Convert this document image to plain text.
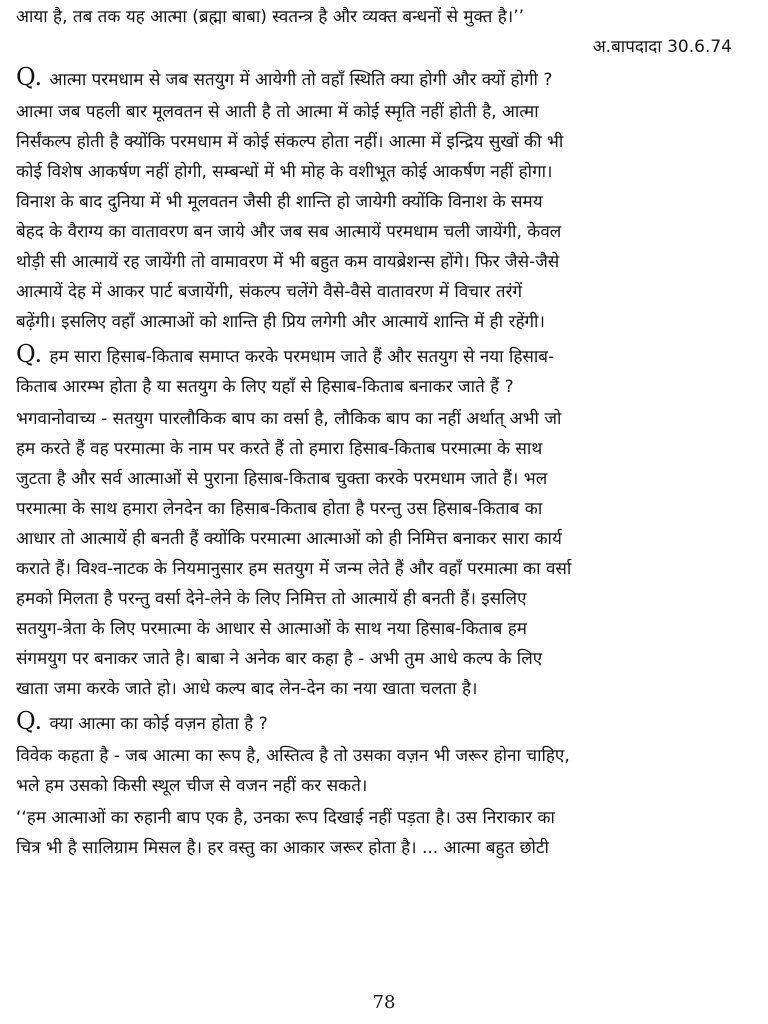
आया है, तब तक यह आत्मा (ब्रह्मा बाबा) स्वतन्त्र है और व्यक्त बन्धनों से मुक्त है।’’

अ.बापदादा 30.6.74

Q. आत्मा परमधाम से जब सतयुग में आयेगी तो वहाँ स्थिति क्या होगी और क्यों होगी ?

आत्मा जब पहली बार मूलवतन से आती है तो आत्मा में कोई स्मृति नहीं होती है, आत्मा
निर्संकल्प होती है क्योंकि परमधाम में कोई संकल्प होता नहीं। आत्मा में इन्द्रिय सुखों की भी
कोई विशेष आकर्षण नहीं होगी, सम्बन्धों में भी मोह के वशीभूत कोई आकर्षण नहीं होगा।
विनाश के बाद दुनिया में भी मूलवतन जैसी ही शान्ति हो जायेगी क्योंकि विनाश के समय
बेहद के वैराग्य का वातावरण बन जाये और जब सब आत्मायें परमधाम चली जायेंगी, केवल
थोड़ी सी आत्मायें रह जायेंगी तो वामावरण में भी बहुत कम वायब्रेशन्स होंगे। फिर जैसे-जैसे
आत्मायें देह में आकर पार्ट बजायेंगी, संकल्प चलेंगे वैसे-वैसे वातावरण में विचार तरंगें
बढ़ेंगी। इसलिए वहाँ आत्माओं को शान्ति ही प्रिय लगेगी और आत्मायें शान्ति में ही रहेंगी।

Q. हम सारा हिसाब-किताब समाप्त करके परमधाम जाते हैं और सतयुग से नया हिसाब-
किताब आरम्भ होता है या सतयुग के लिए यहाँ से हिसाब-किताब बनाकर जाते हैं ?

भगवानोवाच्य - सतयुग पारलौकिक बाप का वर्सा है, लौकिक बाप का नहीं अर्थात् अभी जो
हम करते हैं वह परमात्मा के नाम पर करते हैं तो हमारा हिसाब-किताब परमात्मा के साथ
जुटता है और सर्व आत्माओं से पुराना हिसाब-किताब चुक्ता करके परमधाम जाते हैं। भल
परमात्मा के साथ हमारा लेनदेन का हिसाब-किताब होता है परन्तु उस हिसाब-किताब का
आधार तो आत्मायें ही बनती हैं क्योंकि परमात्मा आत्माओं को ही निमित्त बनाकर सारा कार्य
कराते हैं। विश्व-नाटक के नियमानुसार हम सतयुग में जन्म लेते हैं और वहाँ परमात्मा का वर्सा
हमको मिलता है परन्तु वर्सा देने-लेने के लिए निमित्त तो आत्मायें ही बनती हैं। इसलिए
सतयुग-त्रेता के लिए परमात्मा के आधार से आत्माओं के साथ नया हिसाब-किताब हम
संगमयुग पर बनाकर जाते है। बाबा ने अनेक बार कहा है - अभी तुम आधे कल्प के लिए
खाता जमा करके जाते हो। आधे कल्प बाद लेन-देन का नया खाता चलता है।

Q. क्या आत्मा का कोई वज़न होता है ?

विवेक कहता है - जब आत्मा का रूप है, अस्तित्व है तो उसका वज़न भी जरूर होना चाहिए,
भले हम उसको किसी स्थूल चीज से वजन नहीं कर सकते।

‘‘हम आत्माओं का रुहानी बाप एक है, उनका रूप दिखाई नहीं पड़ता है। उस निराकार का
चित्र भी है सालिग्राम मिसल है। हर वस्तु का आकार जरूर होता है। ... आत्मा बहुत छोटी

78
